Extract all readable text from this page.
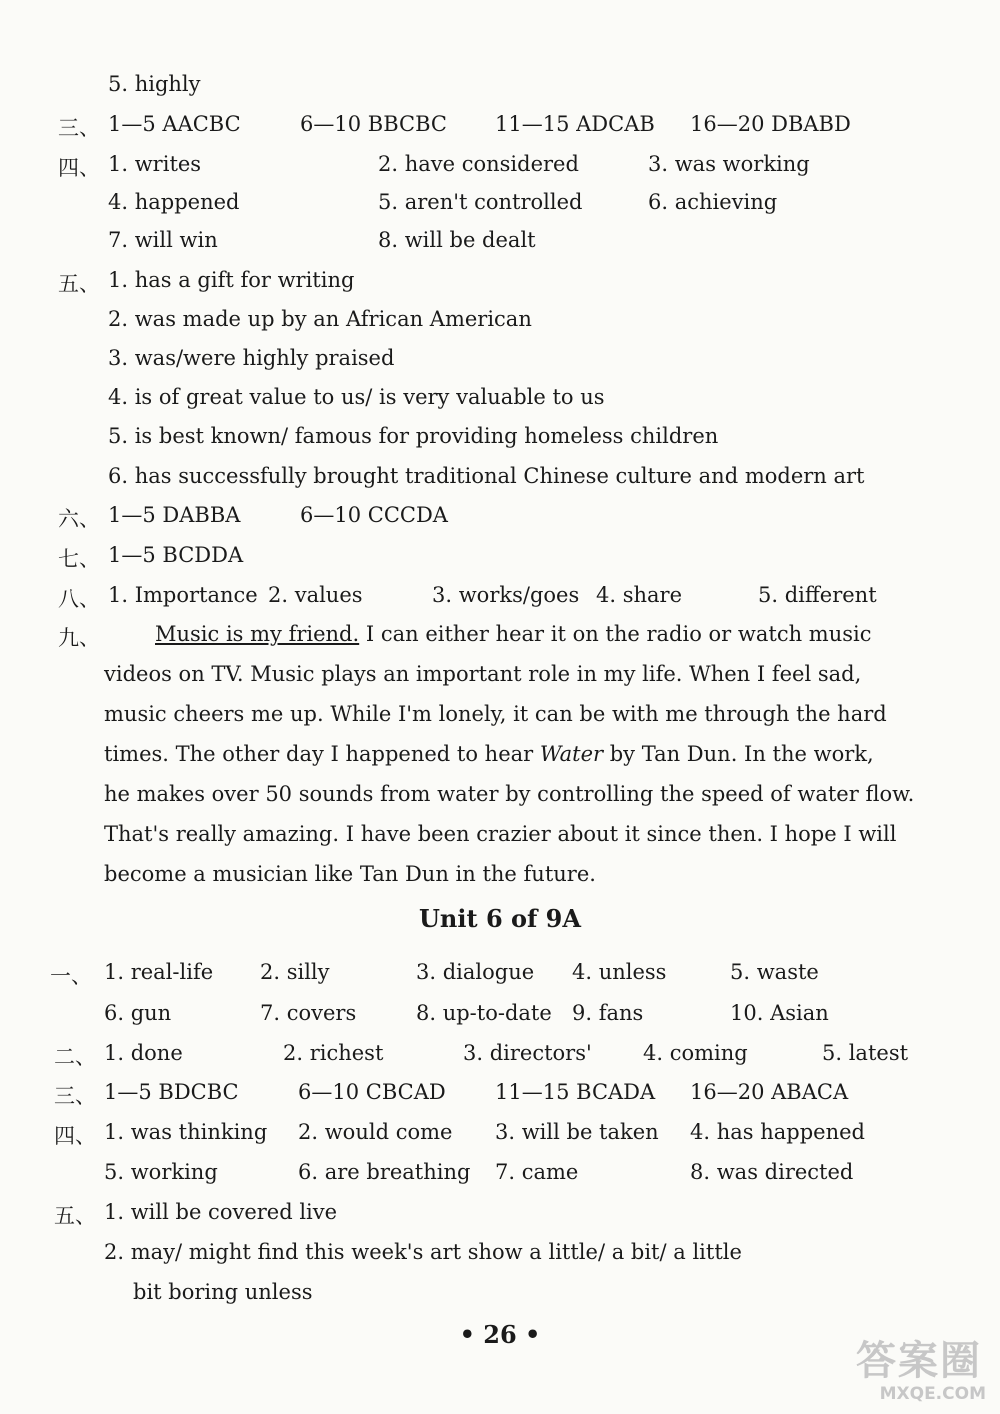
5. highly
三、 1—5 AACBC	6—10 BBCBC 11—15 ADCAB 16—20 DBABD
四、 1. writes	2. have considered	3. was working
4. happened	5. aren't controlled	6. achieving
7. will win	8. will be dealt
五、 1. has a gift for writing
2. was made up by an African American
3. was/were highly praised
4. is of great value to us/ is very valuable to us
5. is best known/ famous for providing homeless children
6. has successfully brought traditional Chinese culture and modern art
六、 1—5 DABBA	6—10 CCCDA
七、 1—5 BCDDA
八、 1. Importance 2. values	3. works/goes 4. share	5. different
九、	Music is my friend. I can either hear it on the radio or watch music
videos on TV. Music plays an important role in my life. When I feel sad,
music cheers me up. While I'm lonely, it can be with me through the hard
times. The other day I happened to hear Water by Tan Dun. In the work,
he makes over 50 sounds from water by controlling the speed of water flow.
That's really amazing. I have been crazier about it since then. I hope I will
become a musician like Tan Dun in the future.
Unit 6 of 9A
一、 1. real-life 2. silly	3. dialogue 4. unless	5. waste
6. gun	7. covers	8. up-to-date 9. fans	10. Asian
二、 1. done	2. richest	3. directors' 4. coming	5. latest
三、 1—5 BDCBC	6—10 CBCAD 11—15 BCADA 16—20 ABACA
四、 1. was thinking 2. would come 3. will be taken 4. has happened
5. working	6. are breathing 7. came	8. was directed
五、 1. will be covered live
2. may/ might find this week's art show a little/ a bit/ a little
bit boring unless
• 26 •
答案圈
MXQE.COM
